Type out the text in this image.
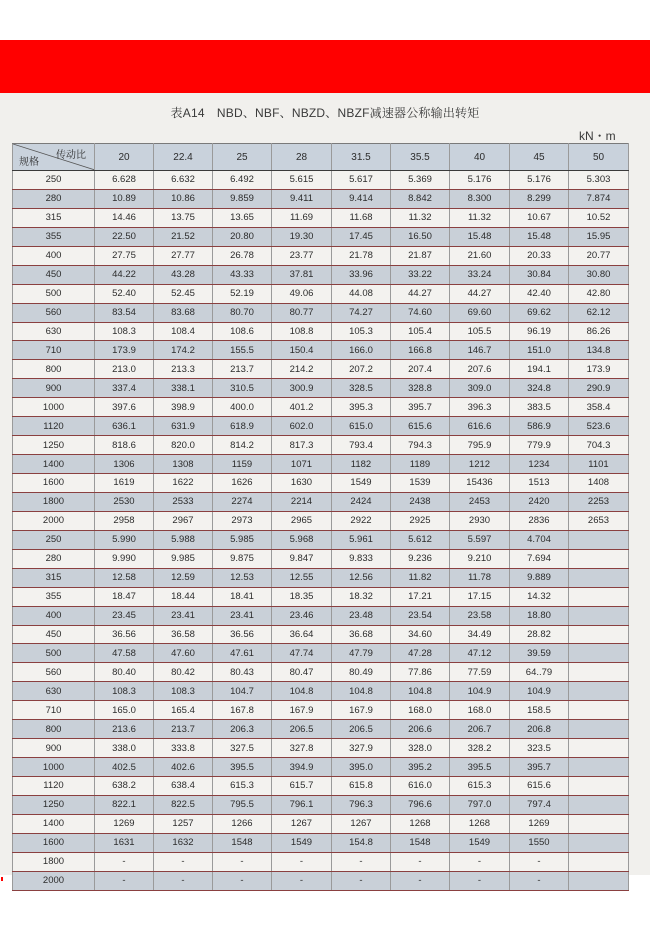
表A14　NBD、NBF、NBZD、NBZF减速器公称输出转矩
kN・m
传动比
规格	20	22.4	25	28	31.5	35.5	40	45	50
250	6.628	6.632	6.492	5.615	5.617	5.369	5.176	5.176	5.303
280	10.89	10.86	9.859	9.411	9.414	8.842	8.300	8.299	7.874
315	14.46	13.75	13.65	11.69	11.68	11.32	11.32	10.67	10.52
355	22.50	21.52	20.80	19.30	17.45	16.50	15.48	15.48	15.95
400	27.75	27.77	26.78	23.77	21.78	21.87	21.60	20.33	20.77
450	44.22	43.28	43.33	37.81	33.96	33.22	33.24	30.84	30.80
500	52.40	52.45	52.19	49.06	44.08	44.27	44.27	42.40	42.80
560	83.54	83.68	80.70	80.77	74.27	74.60	69.60	69.62	62.12
630	108.3	108.4	108.6	108.8	105.3	105.4	105.5	96.19	86.26
710	173.9	174.2	155.5	150.4	166.0	166.8	146.7	151.0	134.8
800	213.0	213.3	213.7	214.2	207.2	207.4	207.6	194.1	173.9
900	337.4	338.1	310.5	300.9	328.5	328.8	309.0	324.8	290.9
1000	397.6	398.9	400.0	401.2	395.3	395.7	396.3	383.5	358.4
1120	636.1	631.9	618.9	602.0	615.0	615.6	616.6	586.9	523.6
1250	818.6	820.0	814.2	817.3	793.4	794.3	795.9	779.9	704.3
1400	1306	1308	1159	1071	1182	1189	1212	1234	1101
1600	1619	1622	1626	1630	1549	1539	15436	1513	1408
1800	2530	2533	2274	2214	2424	2438	2453	2420	2253
2000	2958	2967	2973	2965	2922	2925	2930	2836	2653
250	5.990	5.988	5.985	5.968	5.961	5.612	5.597	4.704	
280	9.990	9.985	9.875	9.847	9.833	9.236	9.210	7.694	
315	12.58	12.59	12.53	12.55	12.56	11.82	11.78	9.889	
355	18.47	18.44	18.41	18.35	18.32	17.21	17.15	14.32	
400	23.45	23.41	23.41	23.46	23.48	23.54	23.58	18.80	
450	36.56	36.58	36.56	36.64	36.68	34.60	34.49	28.82	
500	47.58	47.60	47.61	47.74	47.79	47.28	47.12	39.59	
560	80.40	80.42	80.43	80.47	80.49	77.86	77.59	64..79	
630	108.3	108.3	104.7	104.8	104.8	104.8	104.9	104.9	
710	165.0	165.4	167.8	167.9	167.9	168.0	168.0	158.5	
800	213.6	213.7	206.3	206.5	206.5	206.6	206.7	206.8	
900	338.0	333.8	327.5	327.8	327.9	328.0	328.2	323.5	
1000	402.5	402.6	395.5	394.9	395.0	395.2	395.5	395.7	
1120	638.2	638.4	615.3	615.7	615.8	616.0	615.3	615.6	
1250	822.1	822.5	795.5	796.1	796.3	796.6	797.0	797.4	
1400	1269	1257	1266	1267	1267	1268	1268	1269	
1600	1631	1632	1548	1549	154.8	1548	1549	1550	
1800	-	-	-	-	-	-	-	-	
2000	-	-	-	-	-	-	-	-	
